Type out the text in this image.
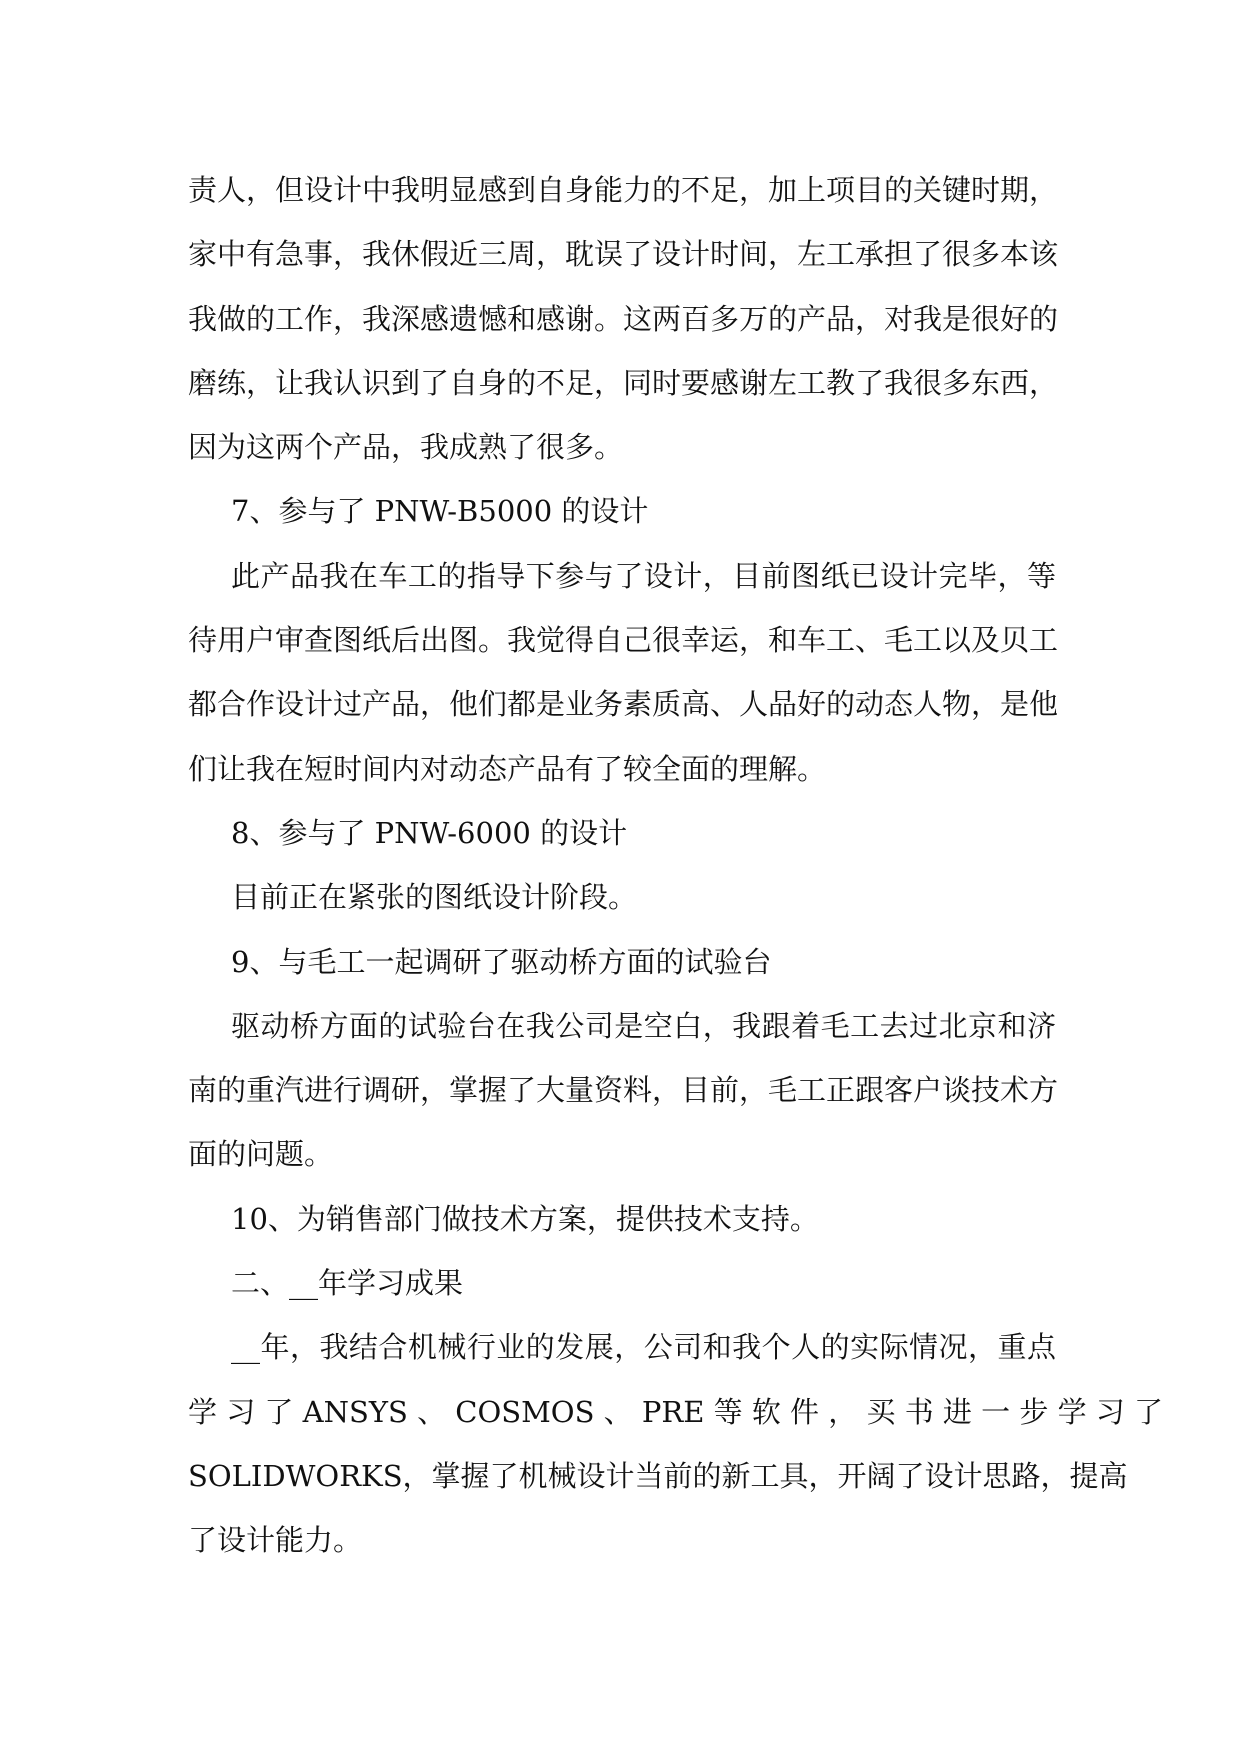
责人，但设计中我明显感到自身能力的不足，加上项目的关键时期，
家中有急事，我休假近三周，耽误了设计时间，左工承担了很多本该
我做的工作，我深感遗憾和感谢。这两百多万的产品，对我是很好的
磨练，让我认识到了自身的不足，同时要感谢左工教了我很多东西，
因为这两个产品，我成熟了很多。
7、参与了 PNW-B5000 的设计
此产品我在车工的指导下参与了设计，目前图纸已设计完毕，等
待用户审查图纸后出图。我觉得自己很幸运，和车工、毛工以及贝工
都合作设计过产品，他们都是业务素质高、人品好的动态人物，是他
们让我在短时间内对动态产品有了较全面的理解。
8、参与了 PNW-6000 的设计
目前正在紧张的图纸设计阶段。
9、与毛工一起调研了驱动桥方面的试验台
驱动桥方面的试验台在我公司是空白，我跟着毛工去过北京和济
南的重汽进行调研，掌握了大量资料，目前，毛工正跟客户谈技术方
面的问题。
10、为销售部门做技术方案，提供技术支持。
二、__年学习成果
__年，我结合机械行业的发展，公司和我个人的实际情况，重点
学 习 了 ANSYS 、 COSMOS 、 PRE 等 软 件 ， 买 书 进 一 步 学 习 了
SOLIDWORKS，掌握了机械设计当前的新工具，开阔了设计思路，提高
了设计能力。
